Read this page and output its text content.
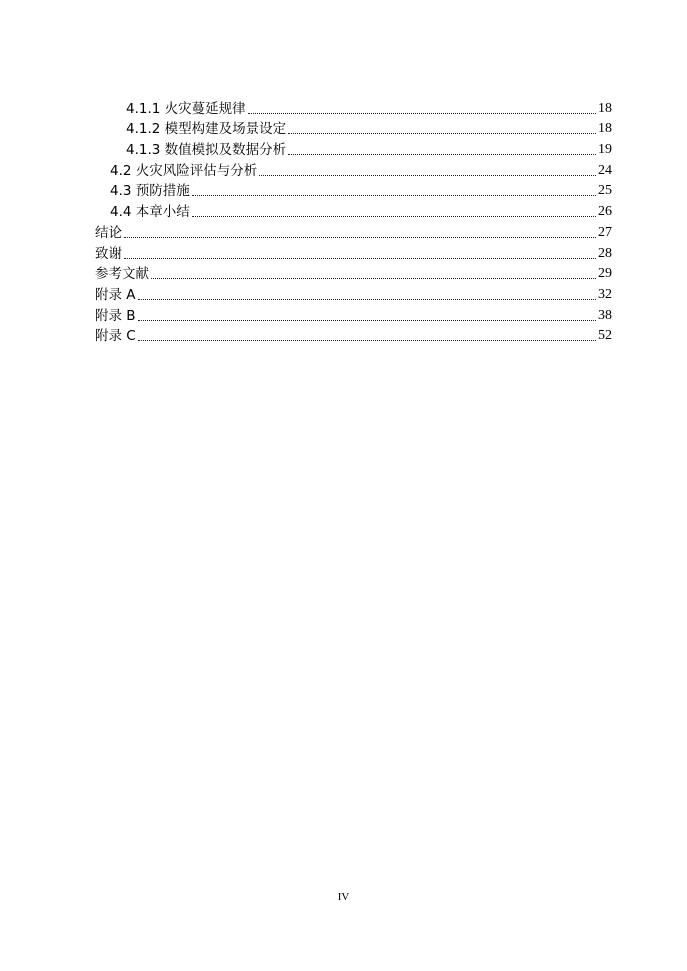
4.1.1 火灾蔓延规律	18
4.1.2 模型构建及场景设定	18
4.1.3 数值模拟及数据分析	19
4.2 火灾风险评估与分析	24
4.3 预防措施	25
4.4 本章小结	26
结论	27
致谢	28
参考文献	29
附录 A	32
附录 B	38
附录 C	52
IV
